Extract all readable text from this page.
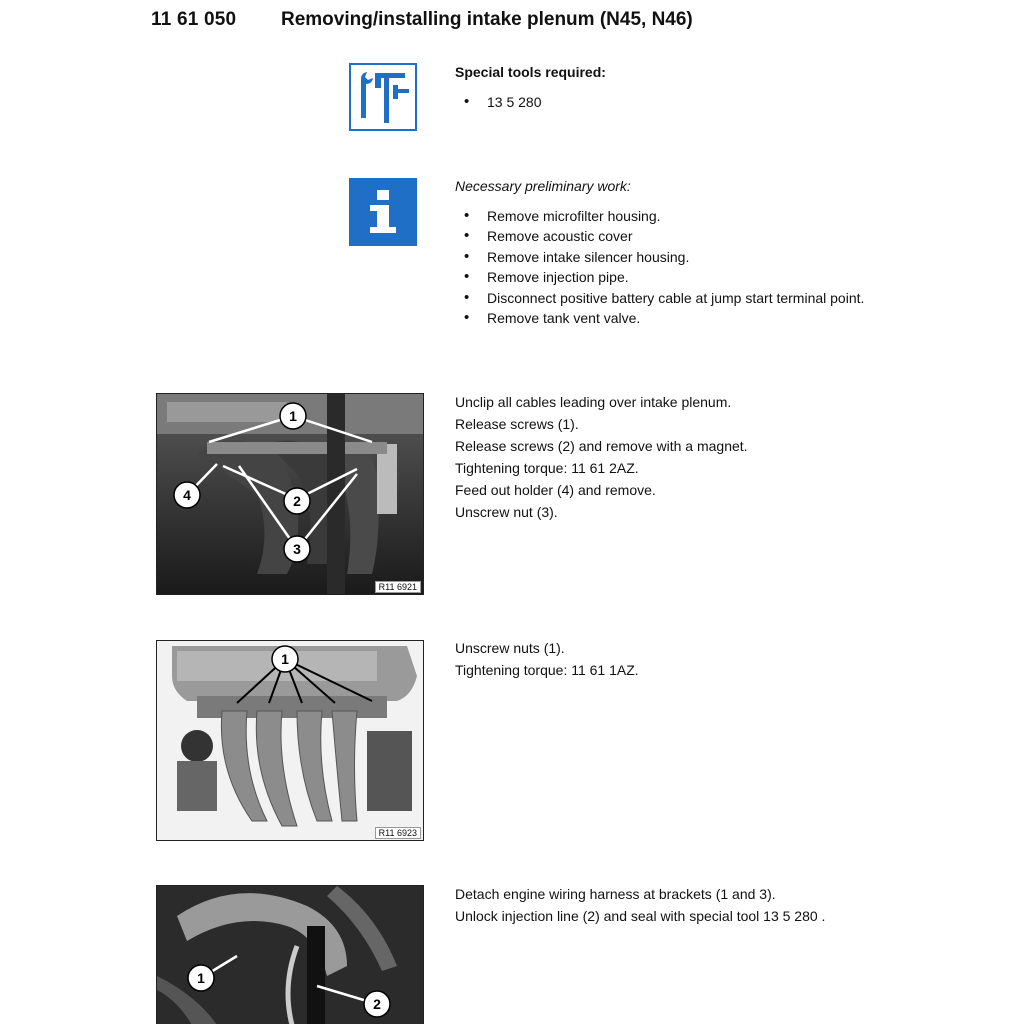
11 61 050 Removing/installing intake plenum (N45, N46)
Special tools required:
• 13 5 280
Necessary preliminary work:
• Remove microfilter housing.
• Remove acoustic cover
• Remove intake silencer housing.
• Remove injection pipe.
• Disconnect positive battery cable at jump start terminal point.
• Remove tank vent valve.
1
2
3
4
R11 6921
Unclip all cables leading over intake plenum.
Release screws (1).
Release screws (2) and remove with a magnet.
Tightening torque: 11 61 2AZ.
Feed out holder (4) and remove.
Unscrew nut (3).
1
R11 6923
Unscrew nuts (1).
Tightening torque: 11 61 1AZ.
1
2
Detach engine wiring harness at brackets (1 and 3).
Unlock injection line (2) and seal with special tool 13 5 280 .
